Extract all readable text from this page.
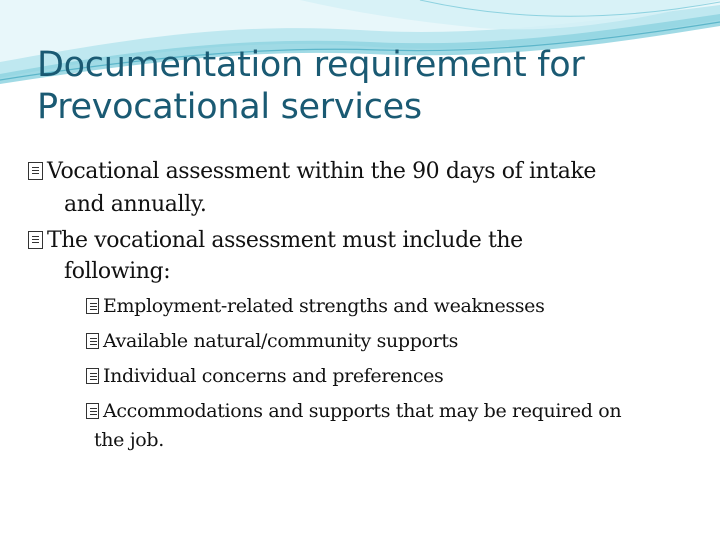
Documentation requirement for
Prevocational services
Vocational assessment within the 90 days of intake
and annually.
The vocational assessment must include the
following:
Employment-related strengths and weaknesses
Available natural/community supports
Individual concerns and preferences
Accommodations and supports that may be required on
the job.
